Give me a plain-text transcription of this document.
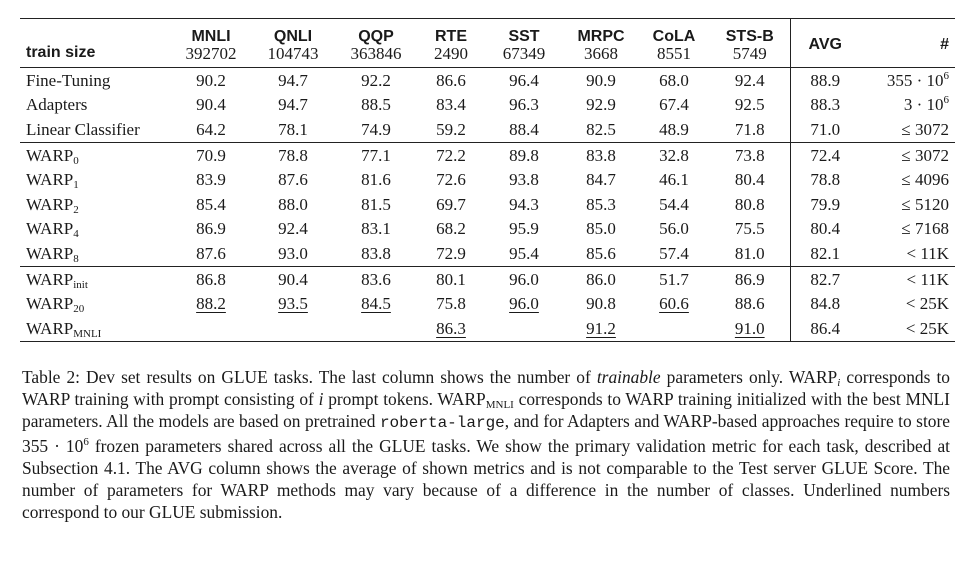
	MNLI	QNLI	QQP	RTE	SST	MRPC	CoLA	STS-B	AVG	#
train size	392702	104743	363846	2490	67349	3668	8551	5749		
Fine-Tuning	90.2	94.7	92.2	86.6	96.4	90.9	68.0	92.4	88.9	$355 \cdot 10^6$
Adapters	90.4	94.7	88.5	83.4	96.3	92.9	67.4	92.5	88.3	$3 \cdot 10^6$
Linear Classifier	64.2	78.1	74.9	59.2	88.4	82.5	48.9	71.8	71.0	≤ 3072
$WARP_0$	70.9	78.8	77.1	72.2	89.8	83.8	32.8	73.8	72.4	≤ 3072
$WARP_1$	83.9	87.6	81.6	72.6	93.8	84.7	46.1	80.4	78.8	≤ 4096
$WARP_2$	85.4	88.0	81.5	69.7	94.3	85.3	54.4	80.8	79.9	≤ 5120
$WARP_4$	86.9	92.4	83.1	68.2	95.9	85.0	56.0	75.5	80.4	≤ 7168
$WARP_8$	87.6	93.0	83.8	72.9	95.4	85.6	57.4	81.0	82.1	< 11K
$WARP_{init}$	86.8	90.4	83.6	80.1	96.0	86.0	51.7	86.9	82.7	< 11K
$WARP_{20}$	88.2	93.5	84.5	75.8	96.0	90.8	60.6	88.6	84.8	< 25K
$WARP_{MNLI}$				86.3		91.2		91.0	86.4	< 25K

Table 2: Dev set results on GLUE tasks. The last column shows the number of trainable parameters only. $WARP_i$ corresponds to WARP training with prompt consisting of i prompt tokens. $WARP_{MNLI}$ corresponds to WARP training initialized with the best MNLI parameters. All the models are based on pretrained roberta-large, and for Adapters and WARP-based approaches require to store $355 \cdot 10^6$ frozen parameters shared across all the GLUE tasks. We show the primary validation metric for each task, described at Subsection 4.1. The AVG column shows the average of shown metrics and is not comparable to the Test server GLUE Score. The number of parameters for WARP methods may vary because of a difference in the number of classes. Underlined numbers correspond to our GLUE submission.
